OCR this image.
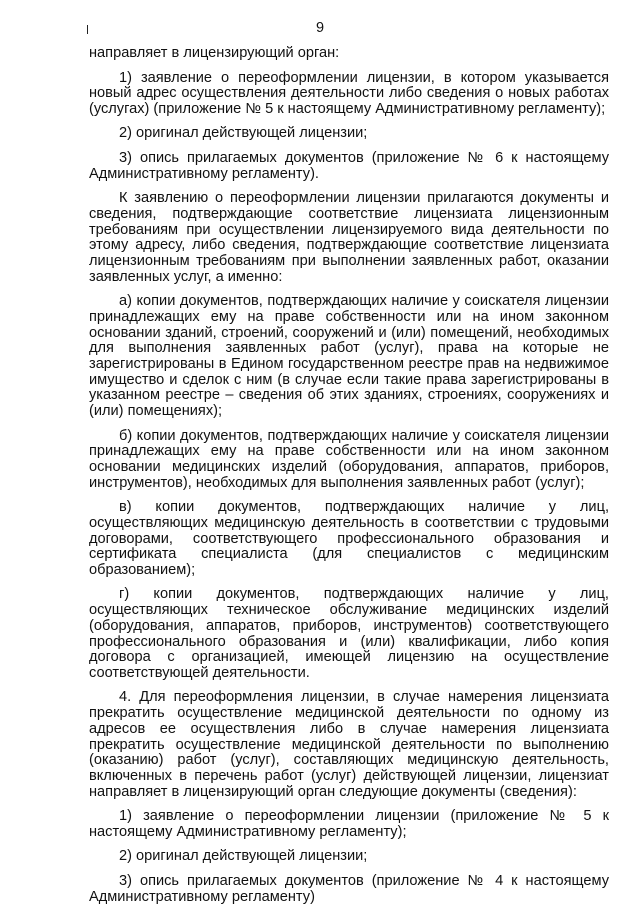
9

направляет в лицензирующий орган:

1) заявление о переоформлении лицензии, в котором указывается новый адрес осуществления деятельности либо сведения о новых работах (услугах) (приложение № 5 к настоящему Административному регламенту);

2) оригинал действующей лицензии;

3) опись прилагаемых документов (приложение № 6 к настоящему Административному регламенту).

К заявлению о переоформлении лицензии прилагаются документы и сведения, подтверждающие соответствие лицензиата лицензионным требованиям при осуществлении лицензируемого вида деятельности по этому адресу, либо сведения, подтверждающие соответствие лицензиата лицензионным требованиям при выполнении заявленных работ, оказании заявленных услуг, а именно:

а) копии документов, подтверждающих наличие у соискателя лицензии принадлежащих ему на праве собственности или на ином законном основании зданий, строений, сооружений и (или) помещений, необходимых для выполнения заявленных работ (услуг), права на которые не зарегистрированы в Едином государственном реестре прав на недвижимое имущество и сделок с ним (в случае если такие права зарегистрированы в указанном реестре – сведения об этих зданиях, строениях, сооружениях и (или) помещениях);

б) копии документов, подтверждающих наличие у соискателя лицензии принадлежащих ему на праве собственности или на ином законном основании медицинских изделий (оборудования, аппаратов, приборов, инструментов), необходимых для выполнения заявленных работ (услуг);

в) копии документов, подтверждающих наличие у лиц, осуществляющих медицинскую деятельность в соответствии с трудовыми договорами, соответствующего профессионального образования и сертификата специалиста (для специалистов с медицинским образованием);

г) копии документов, подтверждающих наличие у лиц, осуществляющих техническое обслуживание медицинских изделий (оборудования, аппаратов, приборов, инструментов) соответствующего профессионального образования и (или) квалификации, либо копия договора с организацией, имеющей лицензию на осуществление соответствующей деятельности.

4. Для переоформления лицензии, в случае намерения лицензиата прекратить осуществление медицинской деятельности по одному из адресов ее осуществления либо в случае намерения лицензиата прекратить осуществление медицинской деятельности по выполнению (оказанию) работ (услуг), составляющих медицинскую деятельность, включенных в перечень работ (услуг) действующей лицензии, лицензиат направляет в лицензирующий орган следующие документы (сведения):

1) заявление о переоформлении лицензии (приложение № 5 к настоящему Административному регламенту);

2) оригинал действующей лицензии;

3) опись прилагаемых документов (приложение № 4 к настоящему Административному регламенту)
